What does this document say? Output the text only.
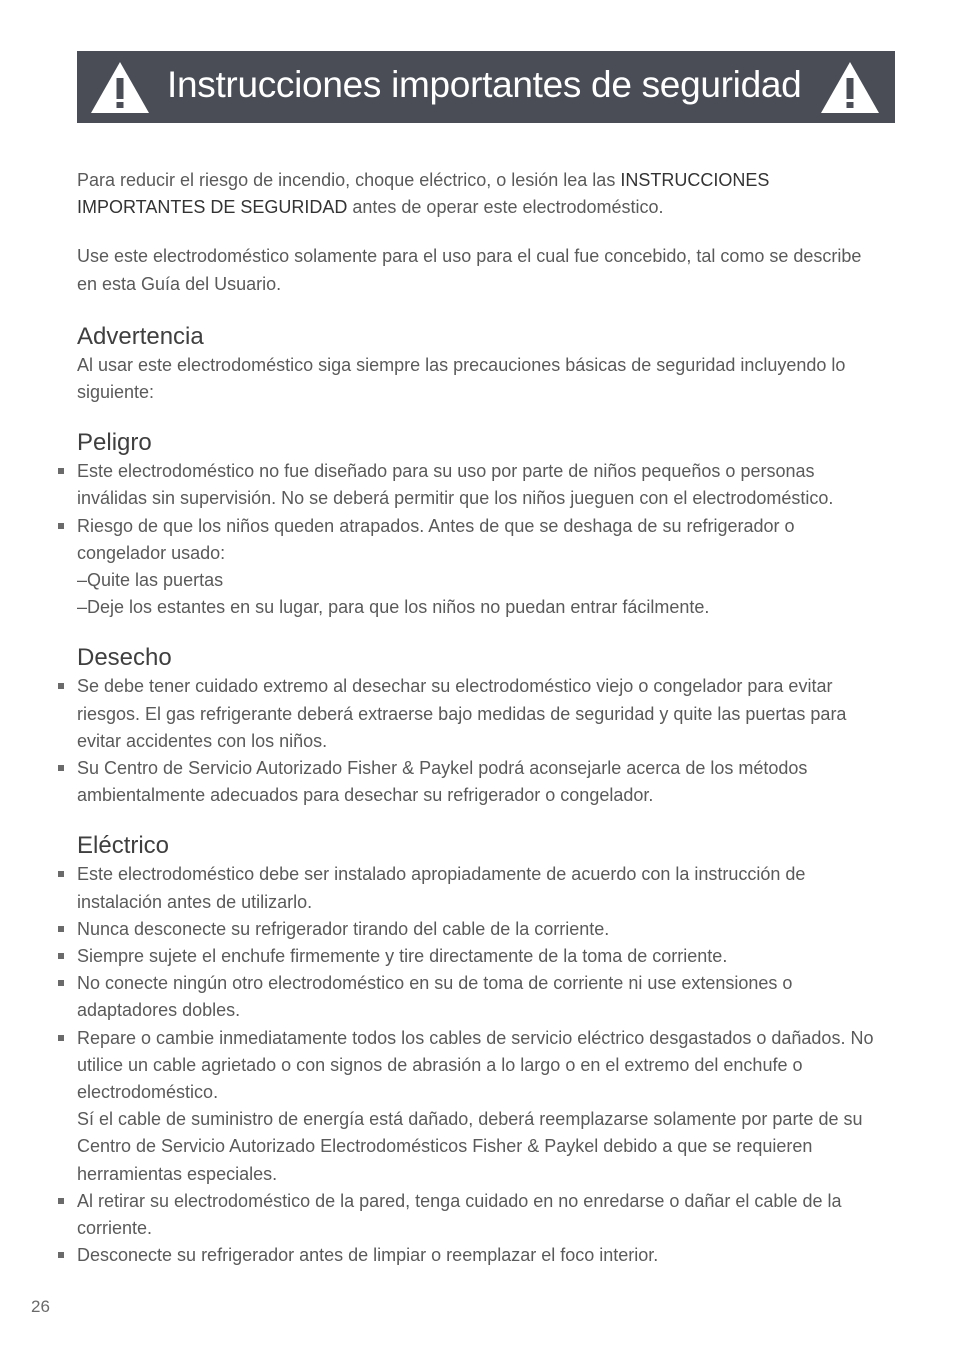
Instrucciones importantes de seguridad

Para reducir el riesgo de incendio, choque eléctrico, o lesión lea las INSTRUCCIONES IMPORTANTES DE SEGURIDAD antes de operar este electrodoméstico.

Use este electrodoméstico solamente para el uso para el cual fue concebido, tal como se describe en esta Guía del Usuario.

Advertencia

Al usar este electrodoméstico siga siempre las precauciones básicas de seguridad incluyendo lo siguiente:

Peligro
Este electrodoméstico no fue diseñado para su uso por parte de niños pequeños o personas inválidas sin supervisión. No se deberá permitir que los niños jueguen con el electrodoméstico.
Riesgo de que los niños queden atrapados. Antes de que se deshaga de su refrigerador o congelador usado:
–Quite las puertas
–Deje los estantes en su lugar, para que los niños no puedan entrar fácilmente.
Desecho
Se debe tener cuidado extremo al desechar su electrodoméstico viejo o congelador para evitar riesgos. El gas refrigerante deberá extraerse bajo medidas de seguridad y quite las puertas para evitar accidentes con los niños.
Su Centro de Servicio Autorizado Fisher & Paykel podrá aconsejarle acerca de los métodos ambientalmente adecuados para desechar su refrigerador o congelador.
Eléctrico
Este electrodoméstico debe ser instalado apropiadamente de acuerdo con la instrucción de instalación antes de utilizarlo.
Nunca desconecte su refrigerador tirando del cable de la corriente.
Siempre sujete el enchufe firmemente y tire directamente de la toma de corriente.
No conecte ningún otro electrodoméstico en su de toma de corriente ni use extensiones o adaptadores dobles.
Repare o cambie inmediatamente todos los cables de servicio eléctrico desgastados o dañados. No utilice un cable agrietado o con signos de abrasión a lo largo o en el extremo del enchufe o electrodoméstico.
Sí el cable de suministro de energía está dañado, deberá reemplazarse solamente por parte de su Centro de Servicio Autorizado Electrodomésticos Fisher & Paykel debido a que se requieren herramientas especiales.
Al retirar su electrodoméstico de la pared, tenga cuidado en no enredarse o dañar el cable de la corriente.
Desconecte su refrigerador antes de limpiar o reemplazar el foco interior.
26
